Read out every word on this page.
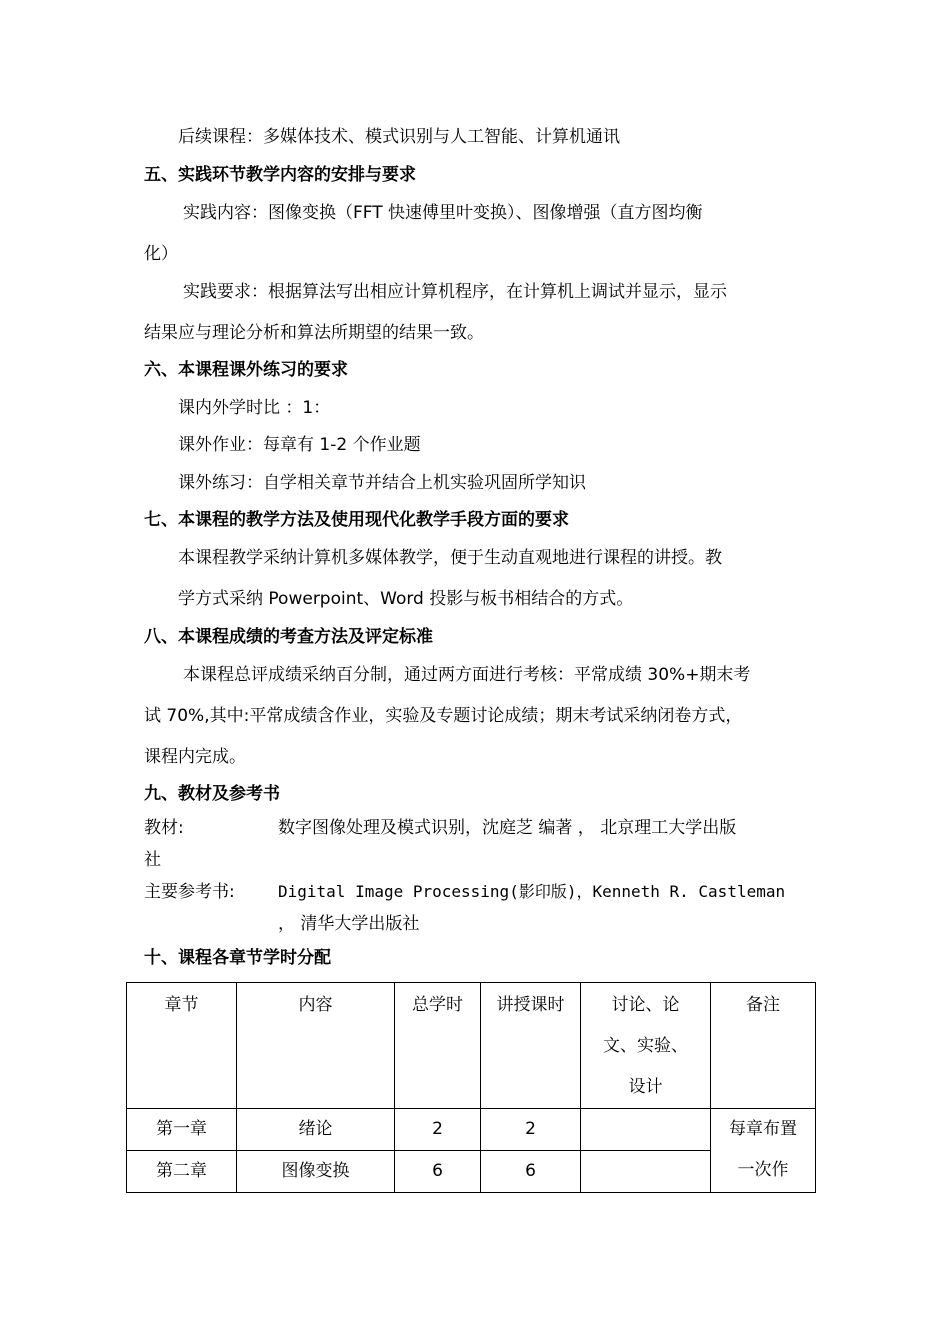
后续课程：多媒体技术、模式识别与人工智能、计算机通讯
五、实践环节教学内容的安排与要求
实践内容：图像变换（FFT 快速傅里叶变换）、图像增强（直方图均衡
化）
实践要求：根据算法写出相应计算机程序，在计算机上调试并显示，显示
结果应与理论分析和算法所期望的结果一致。
六、本课程课外练习的要求
课内外学时比 ：1：
课外作业：每章有 1-2 个作业题
课外练习：自学相关章节并结合上机实验巩固所学知识
七、本课程的教学方法及使用现代化教学手段方面的要求
本课程教学采纳计算机多媒体教学，便于生动直观地进行课程的讲授。教
学方式采纳 Powerpoint、Word 投影与板书相结合的方式。
八、本课程成绩的考查方法及评定标准
本课程总评成绩采纳百分制，通过两方面进行考核：平常成绩 30%+期末考
试 70%,其中:平常成绩含作业，实验及专题讨论成绩；期末考试采纳闭卷方式，
课程内完成。
九、教材及参考书
教材:	数字图像处理及模式识别，沈庭芝 编著 ， 北京理工大学出版
社
主要参考书:	Digital Image Processing(影印版)，Kenneth R. Castleman
， 清华大学出版社
十、课程各章节学时分配
章节	内容	总学时	讲授课时	讨论、论
文、实验、
设计	备注

第一章	绪论	2	2		每章布置
一次作

第二章	图像变换	6	6		
